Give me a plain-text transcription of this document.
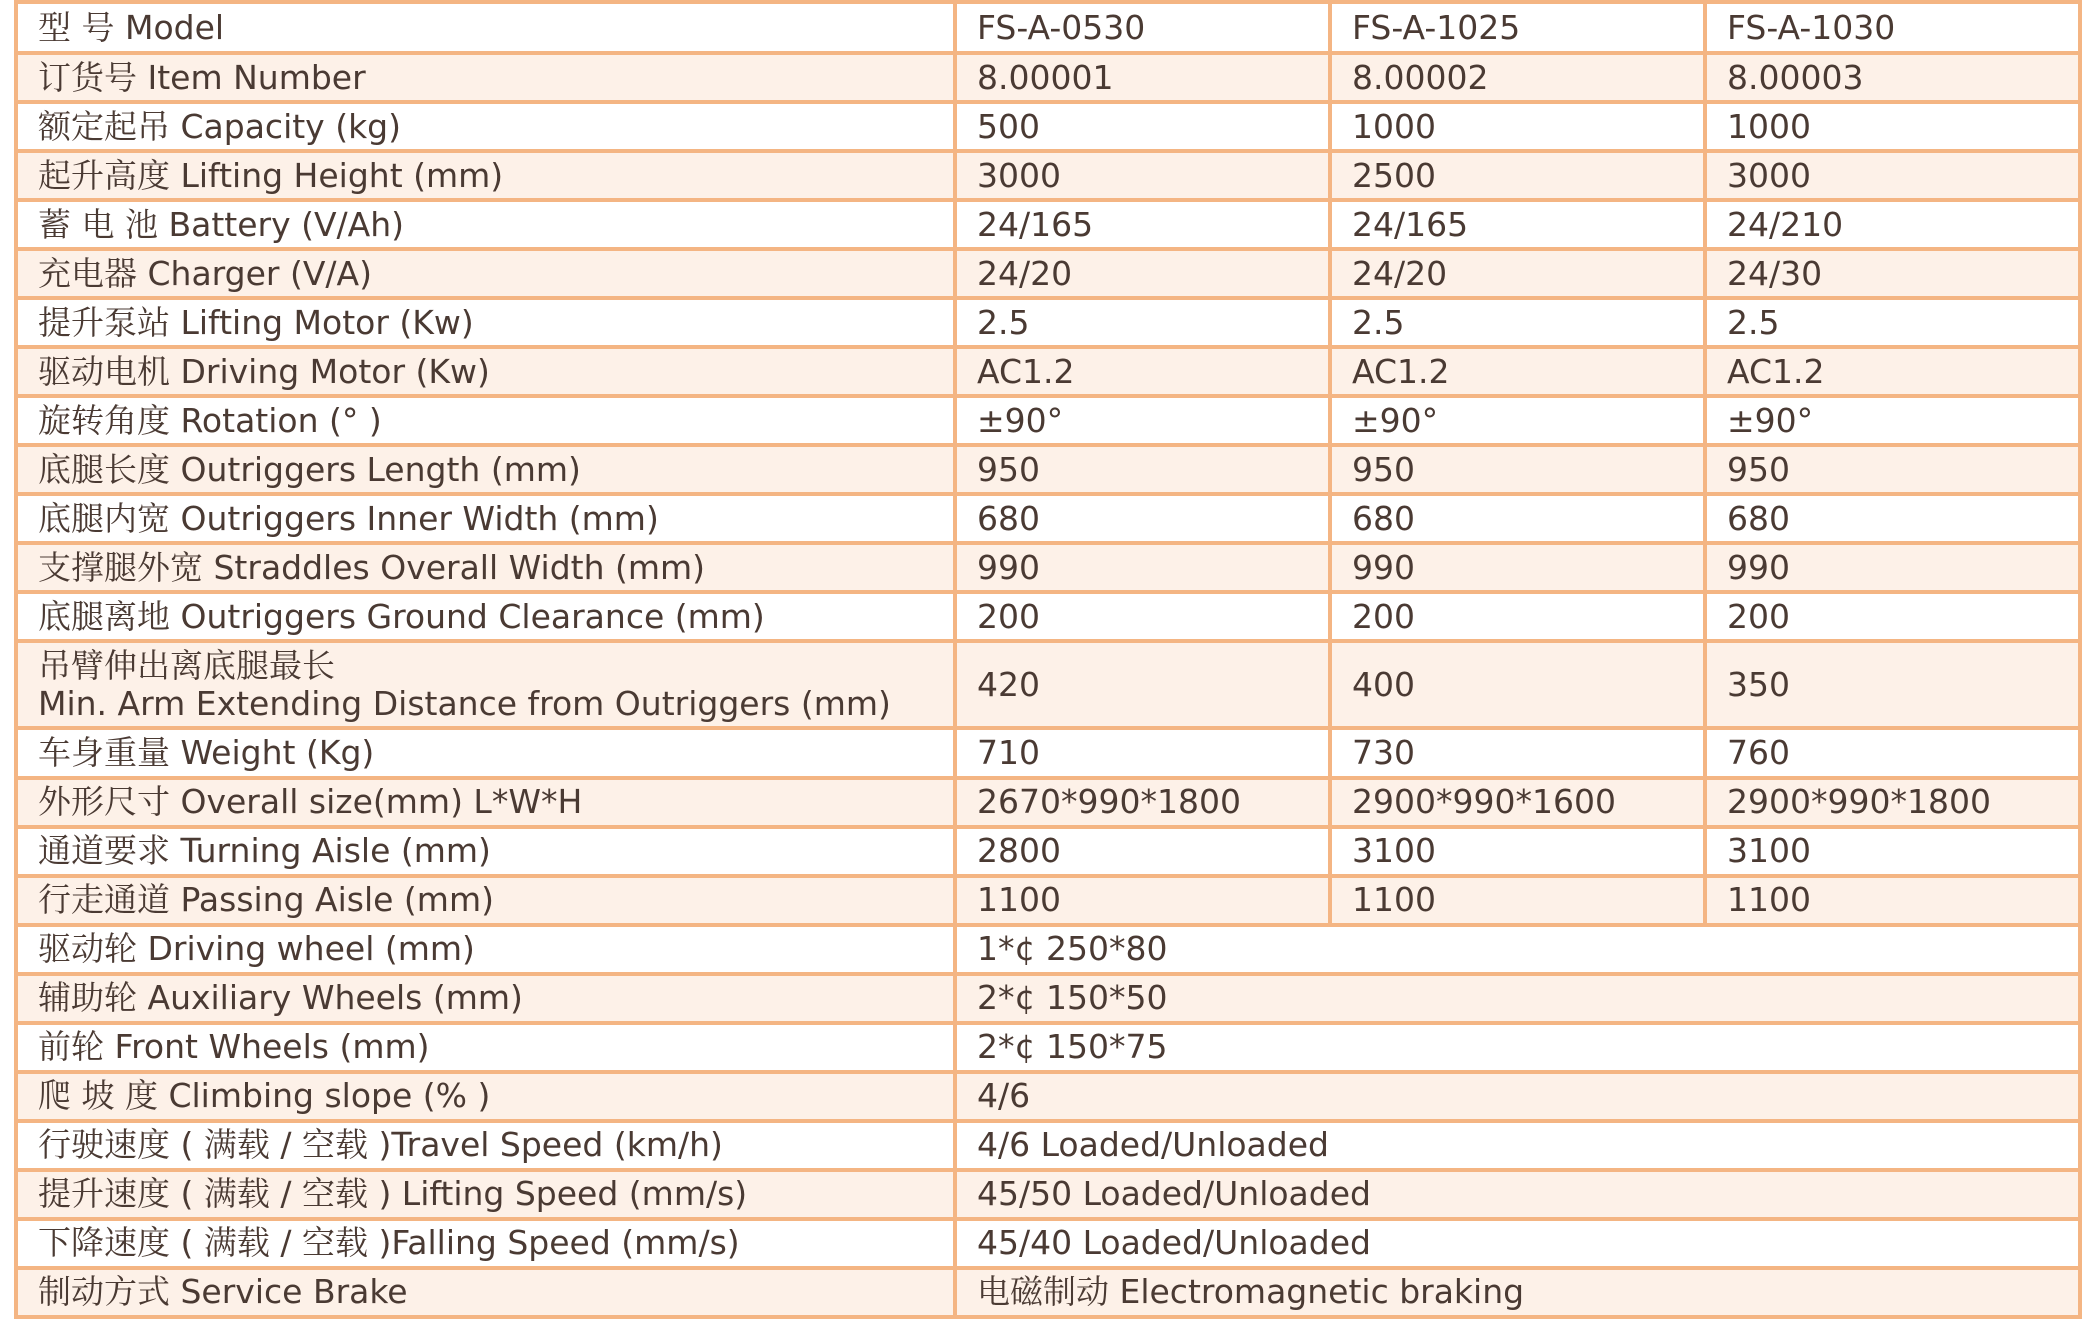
型 号 Model	FS-A-0530	FS-A-1025	FS-A-1030
订货号 Item Number	8.00001	8.00002	8.00003
额定起吊 Capacity (kg)	500	1000	1000
起升高度 Lifting Height (mm)	3000	2500	3000
蓄 电 池 Battery (V/Ah)	24/165	24/165	24/210
充电器 Charger (V/A)	24/20	24/20	24/30
提升泵站 Lifting Motor (Kw)	2.5	2.5	2.5
驱动电机 Driving Motor (Kw)	AC1.2	AC1.2	AC1.2
旋转角度 Rotation (° )	±90°	±90°	±90°
底腿长度 Outriggers Length (mm)	950	950	950
底腿内宽 Outriggers Inner Width (mm)	680	680	680
支撑腿外宽 Straddles Overall Width (mm)	990	990	990
底腿离地 Outriggers Ground Clearance (mm)	200	200	200

吊臂伸出离底腿最长
Min. Arm Extending Distance from Outriggers (mm)	420	400	350
车身重量 Weight (Kg)	710	730	760
外形尺寸 Overall size(mm) L*W*H	2670*990*1800	2900*990*1600	2900*990*1800
通道要求 Turning Aisle (mm)	2800	3100	3100
行走通道 Passing Aisle (mm)	1100	1100	1100
驱动轮 Driving wheel (mm)	1*¢ 250*80		
辅助轮 Auxiliary Wheels (mm)	2*¢ 150*50		
前轮 Front Wheels (mm)	2*¢ 150*75		
爬 坡 度 Climbing slope (% )	4/6		
行驶速度 ( 满载 / 空载 )Travel Speed (km/h)	4/6 Loaded/Unloaded		
提升速度 ( 满载 / 空载 ) Lifting Speed (mm/s)	45/50 Loaded/Unloaded		
下降速度 ( 满载 / 空载 )Falling Speed (mm/s)	45/40 Loaded/Unloaded		
制动方式 Service Brake	电磁制动 Electromagnetic braking		
